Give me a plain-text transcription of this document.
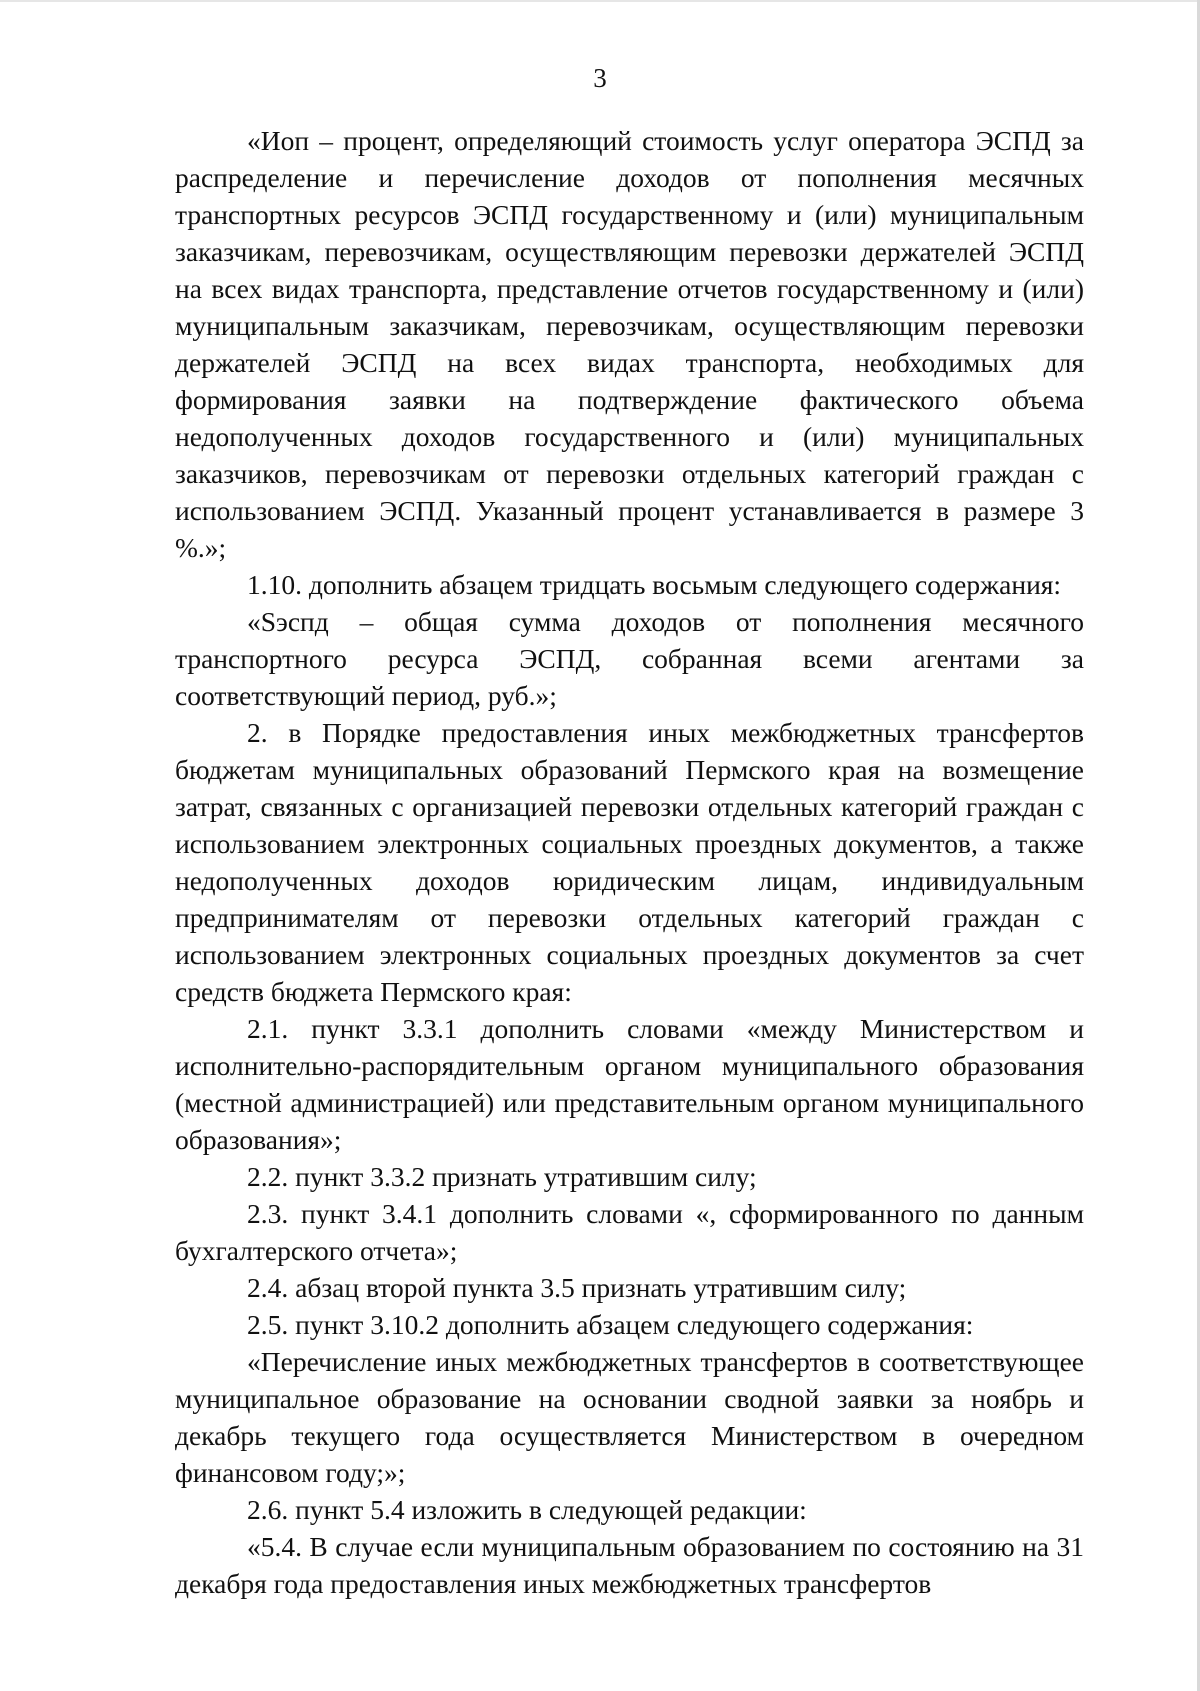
3

«Иоп – процент, определяющий стоимость услуг оператора ЭСПД за распределение и перечисление доходов от пополнения месячных транспортных ресурсов ЭСПД государственному и (или) муниципальным заказчикам, перевозчикам, осуществляющим перевозки держателей ЭСПД на всех видах транспорта, представление отчетов государственному и (или) муниципальным заказчикам, перевозчикам, осуществляющим перевозки держателей ЭСПД на всех видах транспорта, необходимых для формирования заявки на подтверждение фактического объема недополученных доходов государственного и (или) муниципальных заказчиков, перевозчикам от перевозки отдельных категорий граждан с использованием ЭСПД. Указанный процент устанавливается в размере 3 %.»;

1.10. дополнить абзацем тридцать восьмым следующего содержания:

«Sэспд – общая сумма доходов от пополнения месячного транспортного ресурса ЭСПД, собранная всеми агентами за соответствующий период, руб.»;

2. в Порядке предоставления иных межбюджетных трансфертов бюджетам муниципальных образований Пермского края на возмещение затрат, связанных с организацией перевозки отдельных категорий граждан с использованием электронных социальных проездных документов, а также недополученных доходов юридическим лицам, индивидуальным предпринимателям от перевозки отдельных категорий граждан с использованием электронных социальных проездных документов за счет средств бюджета Пермского края:

2.1. пункт 3.3.1 дополнить словами «между Министерством и исполнительно-распорядительным органом муниципального образования (местной администрацией) или представительным органом муниципального образования»;

2.2. пункт 3.3.2 признать утратившим силу;

2.3. пункт 3.4.1 дополнить словами «, сформированного по данным бухгалтерского отчета»;

2.4. абзац второй пункта 3.5 признать утратившим силу;

2.5. пункт 3.10.2 дополнить абзацем следующего содержания:

«Перечисление иных межбюджетных трансфертов в соответствующее муниципальное образование на основании сводной заявки за ноябрь и декабрь текущего года осуществляется Министерством в очередном финансовом году;»;

2.6. пункт 5.4 изложить в следующей редакции:

«5.4. В случае если муниципальным образованием по состоянию на 31 декабря года предоставления иных межбюджетных трансфертов
